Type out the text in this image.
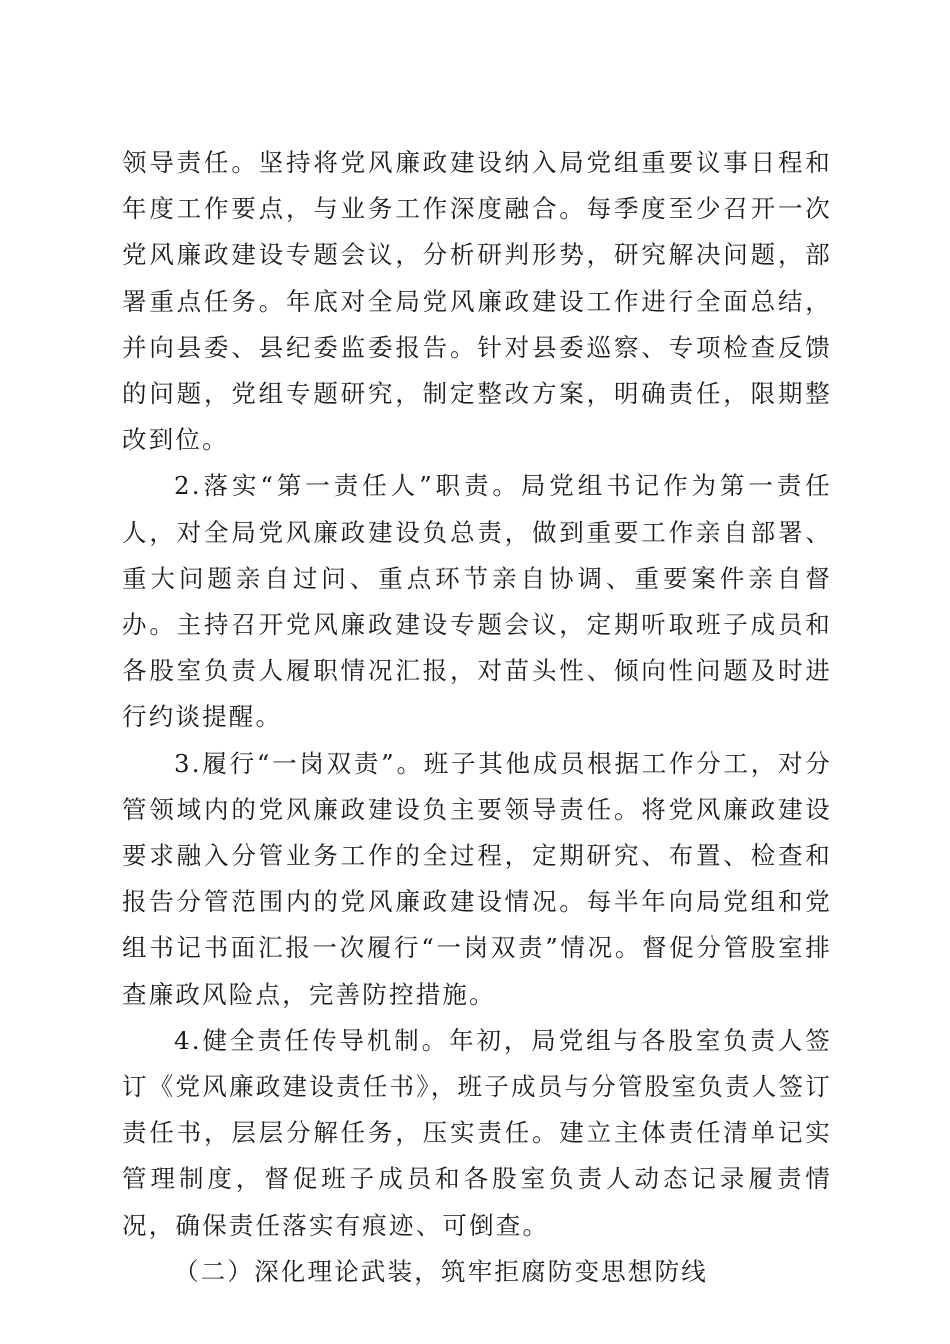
领导责任。坚持将党风廉政建设纳入局党组重要议事日程和年度工作要点，与业务工作深度融合。每季度至少召开一次党风廉政建设专题会议，分析研判形势，研究解决问题，部署重点任务。年底对全局党风廉政建设工作进行全面总结，并向县委、县纪委监委报告。针对县委巡察、专项检查反馈的问题，党组专题研究，制定整改方案，明确责任，限期整改到位。

2.落实“第一责任人”职责。局党组书记作为第一责任人，对全局党风廉政建设负总责，做到重要工作亲自部署、重大问题亲自过问、重点环节亲自协调、重要案件亲自督办。主持召开党风廉政建设专题会议，定期听取班子成员和各股室负责人履职情况汇报，对苗头性、倾向性问题及时进行约谈提醒。

3.履行“一岗双责”。班子其他成员根据工作分工，对分管领域内的党风廉政建设负主要领导责任。将党风廉政建设要求融入分管业务工作的全过程，定期研究、布置、检查和报告分管范围内的党风廉政建设情况。每半年向局党组和党组书记书面汇报一次履行“一岗双责”情况。督促分管股室排查廉政风险点，完善防控措施。

4.健全责任传导机制。年初，局党组与各股室负责人签订《党风廉政建设责任书》，班子成员与分管股室负责人签订责任书，层层分解任务，压实责任。建立主体责任清单记实管理制度，督促班子成员和各股室负责人动态记录履责情况，确保责任落实有痕迹、可倒查。

（二）深化理论武装，筑牢拒腐防变思想防线
